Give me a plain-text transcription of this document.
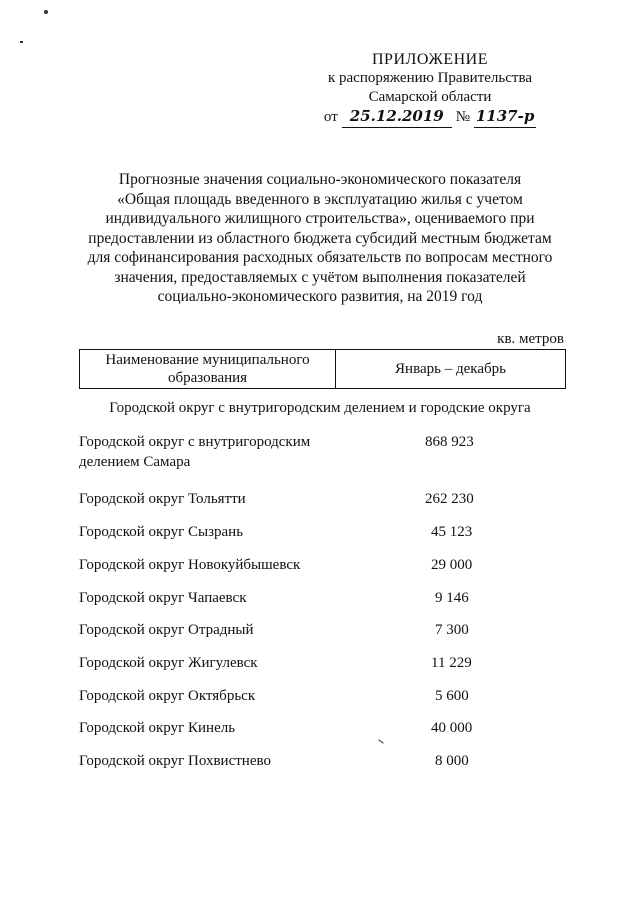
ПРИЛОЖЕНИЕ
к распоряжению Правительства
Самарской области
от 25.12.2019 № 1137-р
Прогнозные значения социально-экономического показателя
«Общая площадь введенного в эксплуатацию жилья с учетом
индивидуального жилищного строительства», оцениваемого при
предоставлении из областного бюджета субсидий местным бюджетам
для софинансирования расходных обязательств по вопросам местного
значения, предоставляемых с учётом выполнения показателей
социально-экономического развития, на 2019 год
кв. метров
Наименование муниципального
образования
	Январь – декабрь
Городской округ с внутригородским делением и городские округа
Городской округ с внутригородским
делением Самара
868 923
Городской округ Тольятти	262 230
Городской округ Сызрань	45 123
Городской округ Новокуйбышевск	29 000
Городской округ Чапаевск	9 146
Городской округ Отрадный	7 300
Городской округ Жигулевск	11 229
Городской округ Октябрьск	5 600
Городской округ Кинель	40 000
Городской округ Похвистнево	8 000
